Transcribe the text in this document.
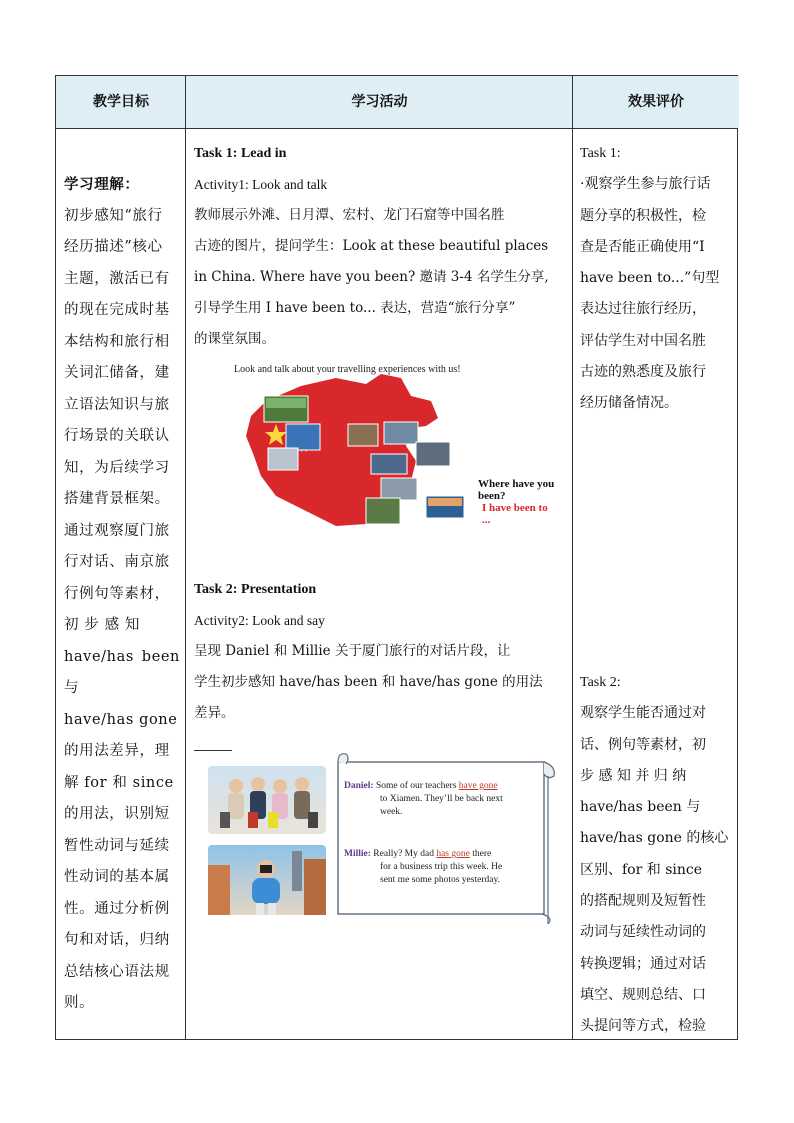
教学目标	学习活动	效果评价

学习理解：

初步感知“旅行

经历描述”核心

主题，激活已有

的现在完成时基

本结构和旅行相

关词汇储备，建

立语法知识与旅

行场景的关联认

知，为后续学习

搭建背景框架。

通过观察厦门旅

行对话、南京旅

行例句等素材，

初 步 感 知

have/has been 与

have/has gone

的用法差异，理

解 for 和 since

的用法，识别短

暂性动词与延续

性动词的基本属

性。通过分析例

句和对话，归纳

总结核心语法规

则。

Task 1: Lead in

Activity1: Look and talk

教师展示外滩、日月潭、宏村、龙门石窟等中国名胜

古迹的图片，提问学生：Look at these beautiful places

in China. Where have you been? 邀请 3-4 名学生分享,

引导学生用 I have been to... 表达，营造“旅行分享”

的课堂氛围。

Look and talk about your travelling experiences with us!
Where have you been?
I have been to ...

Task 2: Presentation

Activity2: Look and say

呈现 Daniel 和 Millie 关于厦门旅行的对话片段，让

学生初步感知 have/has been 和 have/has gone 的用法

差异。

Daniel: Some of our teachers have gone
to Xiamen. They’ll be back next
week.
Millie: Really? My dad has gone there
for a business trip this week. He
sent me some photos yesterday.

Task 1:

·观察学生参与旅行话

题分享的积极性，检

查是否能正确使用“I

have been to...”句型

表达过往旅行经历，

评估学生对中国名胜

古迹的熟悉度及旅行

经历储备情况。

Task 2:

观察学生能否通过对

话、例句等素材，初

步 感 知 并 归 纳

have/has been 与

have/has gone 的核心

区别、for 和 since

的搭配规则及短暂性

动词与延续性动词的

转换逻辑；通过对话

填空、规则总结、口

头提问等方式，检验
